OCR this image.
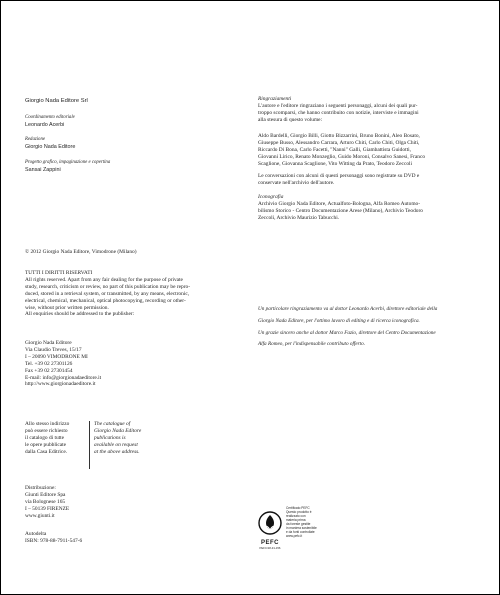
Giorgio Nada Editore Srl
Coordinamento editoriale
Leonardo Acerbi
Redazione
Giorgio Nada Editore
Progetto grafico, impaginazione e copertina
Sansai Zappini

© 2012 Giorgio Nada Editore, Vimodrone (Milano)

TUTTI I DIRITTI RISERVATI

All rights reserved. Apart from any fair dealing for the purpose of private

study, research, criticism or review, no part of this publication may be repro-

duced, stored in a retrieval system, or transmitted, by any means, electronic,

electrical, chemical, mechanical, optical photocopying, recording or other-

wise, without prior written permission.

All enquiries should be addressed to the publisher:

Giorgio Nada Editore

Via Claudio Treves, 15/17

I – 20090 VIMODRONE MI

Tel. +39 02 27301126

Fax +39 02 27301454

E-mail: info@giorgionadaeditore.it

http://www.giorgionadaeditore.it

Allo stesso indirizzo

può essere richiesto

il catalogo di tutte

le opere pubblicate

dalla Casa Editrice.

The catalogue of

Giorgio Nada Editore

publications is

available on request

at the above address.

Distribuzione:

Giunti Editore Spa

via Bolognese 165

I – 50139 FIRENZE

www.giunti.it

Autodelta

ISBN: 978-88-7911-547-6

Ringraziamenti

L'autore e l'editore ringraziano i seguenti personaggi, alcuni dei quali pur-

troppo scomparsi, che hanno contribuito con notizie, interviste e immagini

alla stesura di questo volume:

Aldo Bardelli, Giorgio Billi, Giotto Bizzarrini, Bruno Bonini, Aleo Bosato,

Giuseppe Busso, Alessandro Carrara, Arturo Chiti, Carlo Chiti, Olga Chiti,

Riccardo Di Bona, Carlo Facetti, "Nanni" Galli, Giambattista Guidotti,

Giovanni Lirico, Renato Monzeglio, Guido Moroni, Consalvo Sanesi, Franco

Scaglione, Giovanna Scaglione, Vito Witting da Prato, Teodoro Zeccoli

Le conversazioni con alcuni di questi personaggi sono registrate su DVD e

conservate nell'archivio dell'autore.

Iconografia

Archivio Giorgio Nada Editore, Actualfoto-Bologna, Alfa Romeo Automo-

bilismo Storico - Centro Documentazione Arese (Milano), Archivio Teodoro

Zeccoli, Archivio Maurizio Tabucchi.

Un particolare ringraziamento va al dottor Leonardo Acerbi, direttore editoriale della

Giorgio Nada Editore, per l'ottimo lavoro di editing e di ricerca iconografica.

Un grazie sincero anche al dottor Marco Fazio, direttore del Centro Documentazione

Alfa Romeo, per l'indispensabile contributo offerto.

PEFC
PEFC/18-31-156
Certificato PEFC
Questo prodotto è
realizzato con
materia prima
da foreste gestite
in maniera sostenibile
e da fonti controllate
www.pefc.it
